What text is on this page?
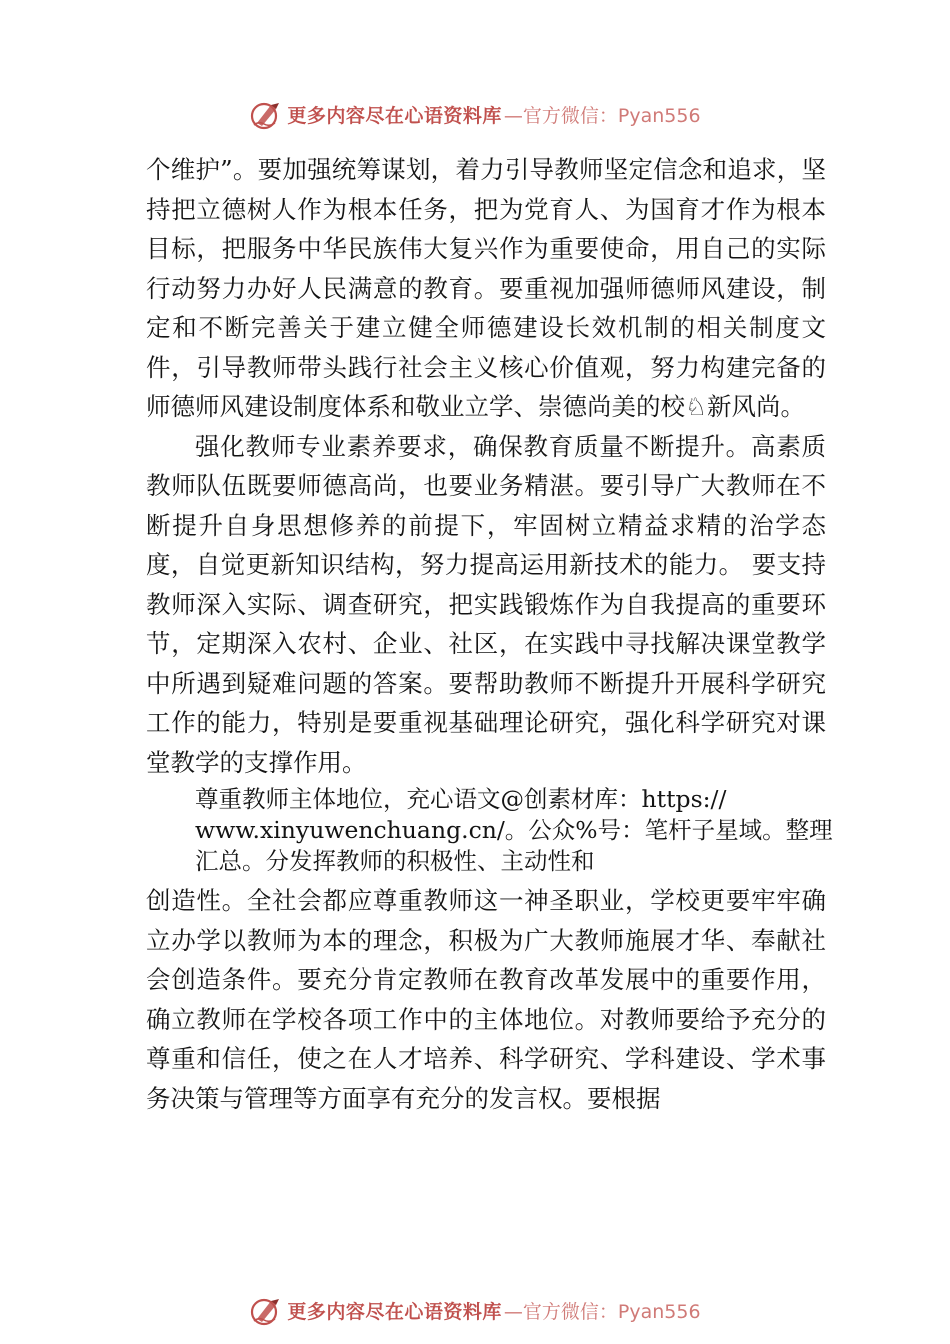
更多内容尽在心语资料库 —官方微信：Pyan556

个维护”。要加强统筹谋划，着力引导教师坚定信念和追求，坚持把立德树人作为根本任务，把为党育人、为国育才作为根本目标，把服务中华民族伟大复兴作为重要使命，用自己的实际行动努力办好人民满意的教育。要重视加强师德师风建设，制定和不断完善关于建立健全师德建设长效机制的相关制度文件，引导教师带头践行社会主义核心价值观，努力构建完备的师德师风建设制度体系和敬业立学、崇德尚美的校♘新风尚。

强化教师专业素养要求，确保教育质量不断提升。高素质教师队伍既要师德高尚，也要业务精湛。要引导广大教师在不断提升自身思想修养的前提下，牢固树立精益求精的治学态度，自觉更新知识结构，努力提高运用新技术的能力。 要支持教师深入实际、调查研究，把实践锻炼作为自我提高的重要环节，定期深入农村、企业、社区，在实践中寻找解决课堂教学中所遇到疑难问题的答案。要帮助教师不断提升开展科学研究工作的能力，特别是要重视基础理论研究，强化科学研究对课堂教学的支撑作用。

尊重教师主体地位，充心语文@创素材库：https://
www.xinyuwenchuang.cn/。公众%号：笔杆子星域。整理
汇总。分发挥教师的积极性、主动性和

创造性。全社会都应尊重教师这一神圣职业，学校更要牢牢确立办学以教师为本的理念，积极为广大教师施展才华、奉献社会创造条件。要充分肯定教师在教育改革发展中的重要作用，确立教师在学校各项工作中的主体地位。对教师要给予充分的尊重和信任，使之在人才培养、科学研究、学科建设、学术事务决策与管理等方面享有充分的发言权。要根据

更多内容尽在心语资料库 —官方微信：Pyan556
